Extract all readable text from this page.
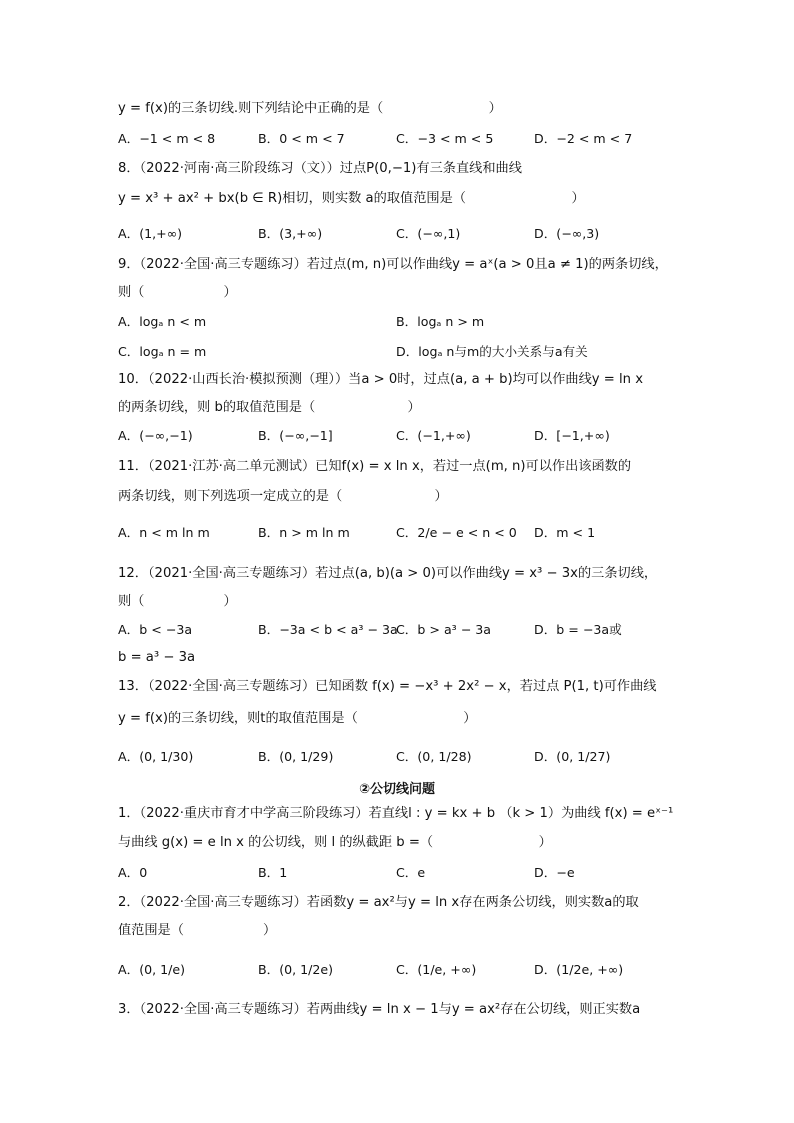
y = f(x)的三条切线.则下列结论中正确的是（　　　　　　　　）
A．−1 < m < 8	B．0 < m < 7	C．−3 < m < 5	D．−2 < m < 7
8．（2022·河南·高三阶段练习（文））过点P(0,−1)有三条直线和曲线
y = x³ + ax² + bx(b ∈ R)相切，则实数 a的取值范围是（　　　　　　　　）
A．(1,+∞)	B．(3,+∞)	C．(−∞,1)	D．(−∞,3)
9．（2022·全国·高三专题练习）若过点(m, n)可以作曲线y = aˣ(a > 0且a ≠ 1)的两条切线，
则（　　　　　　）
A．logₐ n < m	B．logₐ n > m
C．logₐ n = m	D．logₐ n与m的大小关系与a有关
10．（2022·山西长治·模拟预测（理））当a > 0时，过点(a, a + b)均可以作曲线y = ln x
的两条切线，则 b的取值范围是（　　　　　　　）
A．(−∞,−1)	B．(−∞,−1]	C．(−1,+∞)	D．[−1,+∞)
11．（2021·江苏·高二单元测试）已知f(x) = x ln x，若过一点(m, n)可以作出该函数的
两条切线，则下列选项一定成立的是（　　　　　　　）
A．n < m ln m	B．n > m ln m	C．2/e − e < n < 0 D．m < 1
12．（2021·全国·高三专题练习）若过点(a, b)(a > 0)可以作曲线y = x³ − 3x的三条切线，
则（　　　　　　）
A．b < −3a	B．−3a < b < a³ − 3a
C．b > a³ − 3a	D．b = −3a或
b = a³ − 3a
13．（2022·全国·高三专题练习）已知函数 f(x) = −x³ + 2x² − x，若过点 P(1, t)可作曲线
y = f(x)的三条切线，则t的取值范围是（　　　　　　　　）
A．(0, 1/30)	B．(0, 1/29)	C．(0, 1/28)	D．(0, 1/27)
②公切线问题
1．（2022·重庆市育才中学高三阶段练习）若直线l : y = kx + b （k > 1）为曲线 f(x) = eˣ⁻¹
与曲线 g(x) = e ln x 的公切线，则 l 的纵截距 b =（　　　　　　　　）
A．0	B．1	C．e	D．−e
2．（2022·全国·高三专题练习）若函数y = ax²与y = ln x存在两条公切线，则实数a的取
值范围是（　　　　　　）
A．(0, 1/e)	B．(0, 1/2e)	C．(1/e, +∞)	D．(1/2e, +∞)
3．（2022·全国·高三专题练习）若两曲线y = ln x − 1与y = ax²存在公切线，则正实数a
